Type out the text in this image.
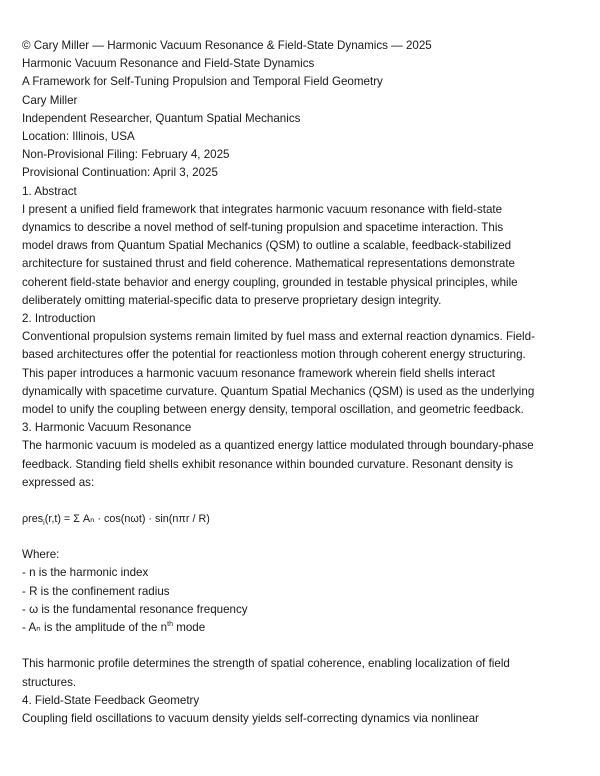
© Cary Miller — Harmonic Vacuum Resonance & Field-State Dynamics — 2025
Harmonic Vacuum Resonance and Field-State Dynamics
A Framework for Self-Tuning Propulsion and Temporal Field Geometry
Cary Miller
Independent Researcher, Quantum Spatial Mechanics
Location: Illinois, USA
Non-Provisional Filing: February 4, 2025
Provisional Continuation: April 3, 2025
1. Abstract
I present a unified field framework that integrates harmonic vacuum resonance with field-state
dynamics to describe a novel method of self-tuning propulsion and spacetime interaction. This
model draws from Quantum Spatial Mechanics (QSM) to outline a scalable, feedback-stabilized
architecture for sustained thrust and field coherence. Mathematical representations demonstrate
coherent field-state behavior and energy coupling, grounded in testable physical principles, while
deliberately omitting material-specific data to preserve proprietary design integrity.
2. Introduction
Conventional propulsion systems remain limited by fuel mass and external reaction dynamics. Field-
based architectures offer the potential for reactionless motion through coherent energy structuring.
This paper introduces a harmonic vacuum resonance framework wherein field shells interact
dynamically with spacetime curvature. Quantum Spatial Mechanics (QSM) is used as the underlying
model to unify the coupling between energy density, temporal oscillation, and geometric feedback.
3. Harmonic Vacuum Resonance
The harmonic vacuum is modeled as a quantized energy lattice modulated through boundary-phase
feedback. Standing field shells exhibit resonance within bounded curvature. Resonant density is
expressed as:
ρres$_i$(r,t) = Σ Aₙ · cos(nωt) · sin(nπr / R)
Where:
- n is the harmonic index
- R is the confinement radius
- ω is the fundamental resonance frequency
- Aₙ is the amplitude of the $n^{th}$ mode
This harmonic profile determines the strength of spatial coherence, enabling localization of field
structures.
4. Field-State Feedback Geometry
Coupling field oscillations to vacuum density yields self-correcting dynamics via nonlinear
